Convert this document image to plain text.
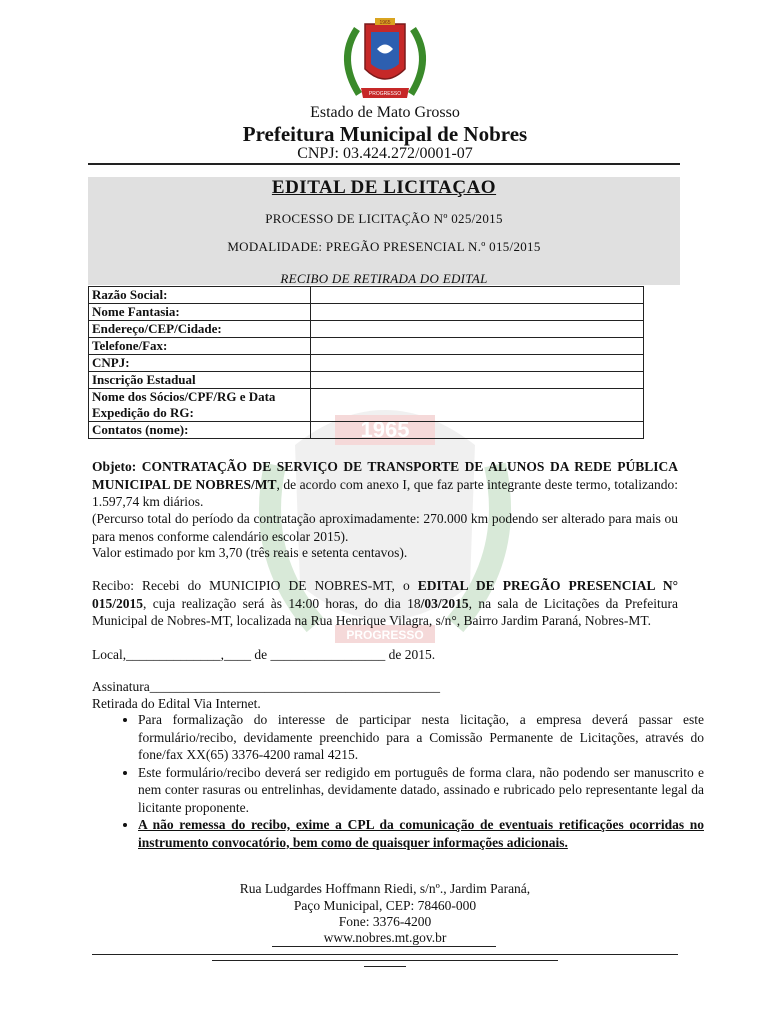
1965
PROGRESSO
1965
PROGRESSO
Estado de Mato Grosso
Prefeitura Municipal de Nobres
CNPJ: 03.424.272/0001-07
EDITAL DE LICITAÇAO
PROCESSO DE LICITAÇÃO Nº 025/2015
MODALIDADE: PREGÃO PRESENCIAL N.º 015/2015
RECIBO DE RETIRADA DO EDITAL
Razão Social:	
Nome Fantasia:	
Endereço/CEP/Cidade:	
Telefone/Fax:	
CNPJ:	
Inscrição Estadual	
Nome dos Sócios/CPF/RG e Data Expedição do RG:	
Contatos (nome):	
Objeto: CONTRATAÇÃO DE SERVIÇO DE TRANSPORTE DE ALUNOS DA REDE PÚBLICA MUNICIPAL DE NOBRES/MT, de acordo com anexo I, que faz parte integrante deste termo, totalizando: 1.597,74 km diários.
(Percurso total do período da contratação aproximadamente: 270.000 km podendo ser alterado para mais ou para menos conforme calendário escolar 2015).
Valor estimado por km 3,70 (três reais e setenta centavos).
Recibo: Recebi do MUNICIPIO DE NOBRES-MT, o EDITAL DE PREGÃO PRESENCIAL N° 015/2015, cuja realização será às 14:00 horas, do dia 18/03/2015, na sala de Licitações da Prefeitura Municipal de Nobres-MT, localizada na Rua Henrique Vilagra, s/n°, Bairro Jardim Paraná, Nobres-MT.
Local,______________,____ de _________________ de 2015.
Assinatura___________________________________________
Retirada do Edital Via Internet.
• Para formalização do interesse de participar nesta licitação, a empresa deverá passar este formulário/recibo, devidamente preenchido para a Comissão Permanente de Licitações, através do fone/fax XX(65) 3376-4200 ramal 4215.
• Este formulário/recibo deverá ser redigido em português de forma clara, não podendo ser manuscrito e nem conter rasuras ou entrelinhas, devidamente datado, assinado e rubricado pelo representante legal da licitante proponente.
• A não remessa do recibo, exime a CPL da comunicação de eventuais retificações ocorridas no instrumento convocatório, bem como de quaisquer informações adicionais.
Rua Ludgardes Hoffmann Riedi, s/nº., Jardim Paraná,
Paço Municipal, CEP: 78460-000
Fone: 3376-4200
www.nobres.mt.gov.br
